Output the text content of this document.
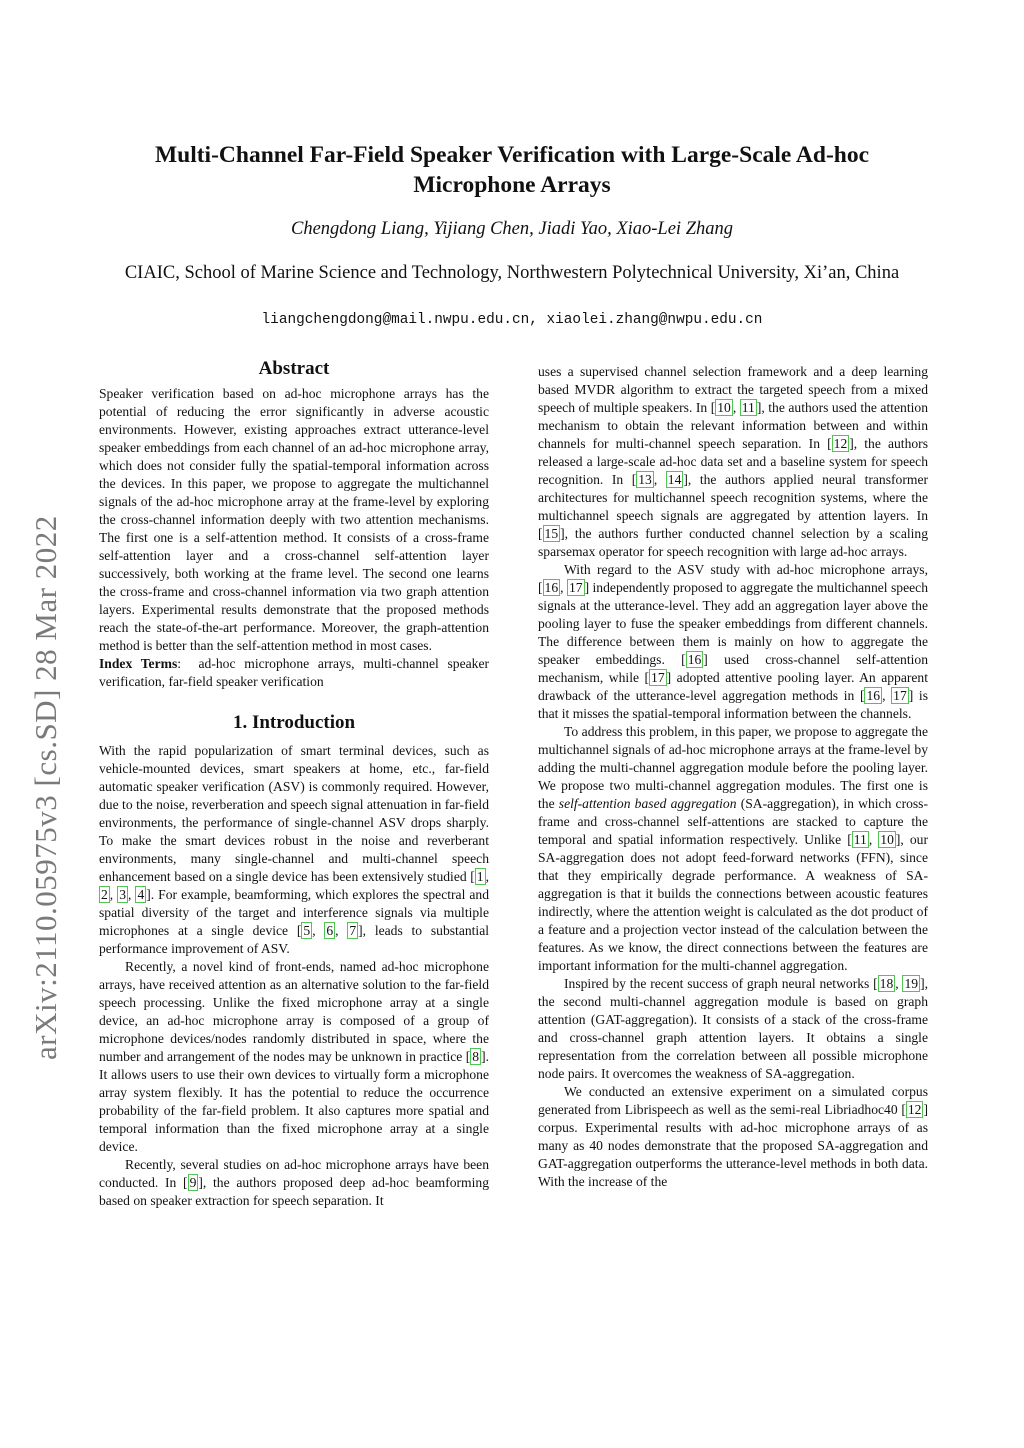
arXiv:2110.05975v3 [cs.SD] 28 Mar 2022
Multi-Channel Far-Field Speaker Verification with Large-Scale Ad-hoc Microphone Arrays
Chengdong Liang, Yijiang Chen, Jiadi Yao, Xiao-Lei Zhang
CIAIC, School of Marine Science and Technology, Northwestern Polytechnical University, Xi’an, China
liangchengdong@mail.nwpu.edu.cn, xiaolei.zhang@nwpu.edu.cn
Abstract

Speaker verification based on ad-hoc microphone arrays has the potential of reducing the error significantly in adverse acoustic environments. However, existing approaches extract utterance-level speaker embeddings from each channel of an ad-hoc microphone array, which does not consider fully the spatial-temporal information across the devices. In this paper, we propose to aggregate the multichannel signals of the ad-hoc microphone array at the frame-level by exploring the cross-channel information deeply with two attention mechanisms. The first one is a self-attention method. It consists of a cross-frame self-attention layer and a cross-channel self-attention layer successively, both working at the frame level. The second one learns the cross-frame and cross-channel information via two graph attention layers. Experimental results demonstrate that the proposed methods reach the state-of-the-art performance. Moreover, the graph-attention method is better than the self-attention method in most cases.

Index Terms:  ad-hoc microphone arrays, multi-channel speaker verification, far-field speaker verification

1. Introduction

With the rapid popularization of smart terminal devices, such as vehicle-mounted devices, smart speakers at home, etc., far-field automatic speaker verification (ASV) is commonly required. However, due to the noise, reverberation and speech signal attenuation in far-field environments, the performance of single-channel ASV drops sharply. To make the smart devices robust in the noise and reverberant environments, many single-channel and multi-channel speech enhancement based on a single device has been extensively studied [ 1 , 2 , 3 , 4 ]. For example, beamforming, which explores the spectral and spatial diversity of the target and interference signals via multiple microphones at a single device [ 5 , 6 , 7 ], leads to substantial performance improvement of ASV.

Recently, a novel kind of front-ends, named ad-hoc microphone arrays, have received attention as an alternative solution to the far-field speech processing. Unlike the fixed microphone array at a single device, an ad-hoc microphone array is composed of a group of microphone devices/nodes randomly distributed in space, where the number and arrangement of the nodes may be unknown in practice [ 8 ]. It allows users to use their own devices to virtually form a microphone array system flexibly. It has the potential to reduce the occurrence probability of the far-field problem. It also captures more spatial and temporal information than the fixed microphone array at a single device.

Recently, several studies on ad-hoc microphone arrays have been conducted. In [ 9 ], the authors proposed deep ad-hoc beamforming based on speaker extraction for speech separation. It

uses a supervised channel selection framework and a deep learning based MVDR algorithm to extract the targeted speech from a mixed speech of multiple speakers. In [ 10 , 11 ], the authors used the attention mechanism to obtain the relevant information between and within channels for multi-channel speech separation. In [ 12 ], the authors released a large-scale ad-hoc data set and a baseline system for speech recognition. In [ 13 , 14 ], the authors applied neural transformer architectures for multichannel speech recognition systems, where the multichannel speech signals are aggregated by attention layers. In [ 15 ], the authors further conducted channel selection by a scaling sparsemax operator for speech recognition with large ad-hoc arrays.

With regard to the ASV study with ad-hoc microphone arrays, [ 16 , 17 ] independently proposed to aggregate the multichannel speech signals at the utterance-level. They add an aggregation layer above the pooling layer to fuse the speaker embeddings from different channels. The difference between them is mainly on how to aggregate the speaker embeddings. [ 16 ] used cross-channel self-attention mechanism, while [ 17 ] adopted attentive pooling layer. An apparent drawback of the utterance-level aggregation methods in [ 16 , 17 ] is that it misses the spatial-temporal information between the channels.

To address this problem, in this paper, we propose to aggregate the multichannel signals of ad-hoc microphone arrays at the frame-level by adding the multi-channel aggregation module before the pooling layer. We propose two multi-channel aggregation modules. The first one is the self-attention based aggregation (SA-aggregation), in which cross-frame and cross-channel self-attentions are stacked to capture the temporal and spatial information respectively. Unlike [ 11 , 10 ], our SA-aggregation does not adopt feed-forward networks (FFN), since that they empirically degrade performance. A weakness of SA-aggregation is that it builds the connections between acoustic features indirectly, where the attention weight is calculated as the dot product of a feature and a projection vector instead of the calculation between the features. As we know, the direct connections between the features are important information for the multi-channel aggregation.

Inspired by the recent success of graph neural networks [ 18 , 19 ], the second multi-channel aggregation module is based on graph attention (GAT-aggregation). It consists of a stack of the cross-frame and cross-channel graph attention layers. It obtains a single representation from the correlation between all possible microphone node pairs. It overcomes the weakness of SA-aggregation.

We conducted an extensive experiment on a simulated corpus generated from Librispeech as well as the semi-real Libriadhoc40 [ 12 ] corpus. Experimental results with ad-hoc microphone arrays of as many as 40 nodes demonstrate that the proposed SA-aggregation and GAT-aggregation outperforms the utterance-level methods in both data. With the increase of the
